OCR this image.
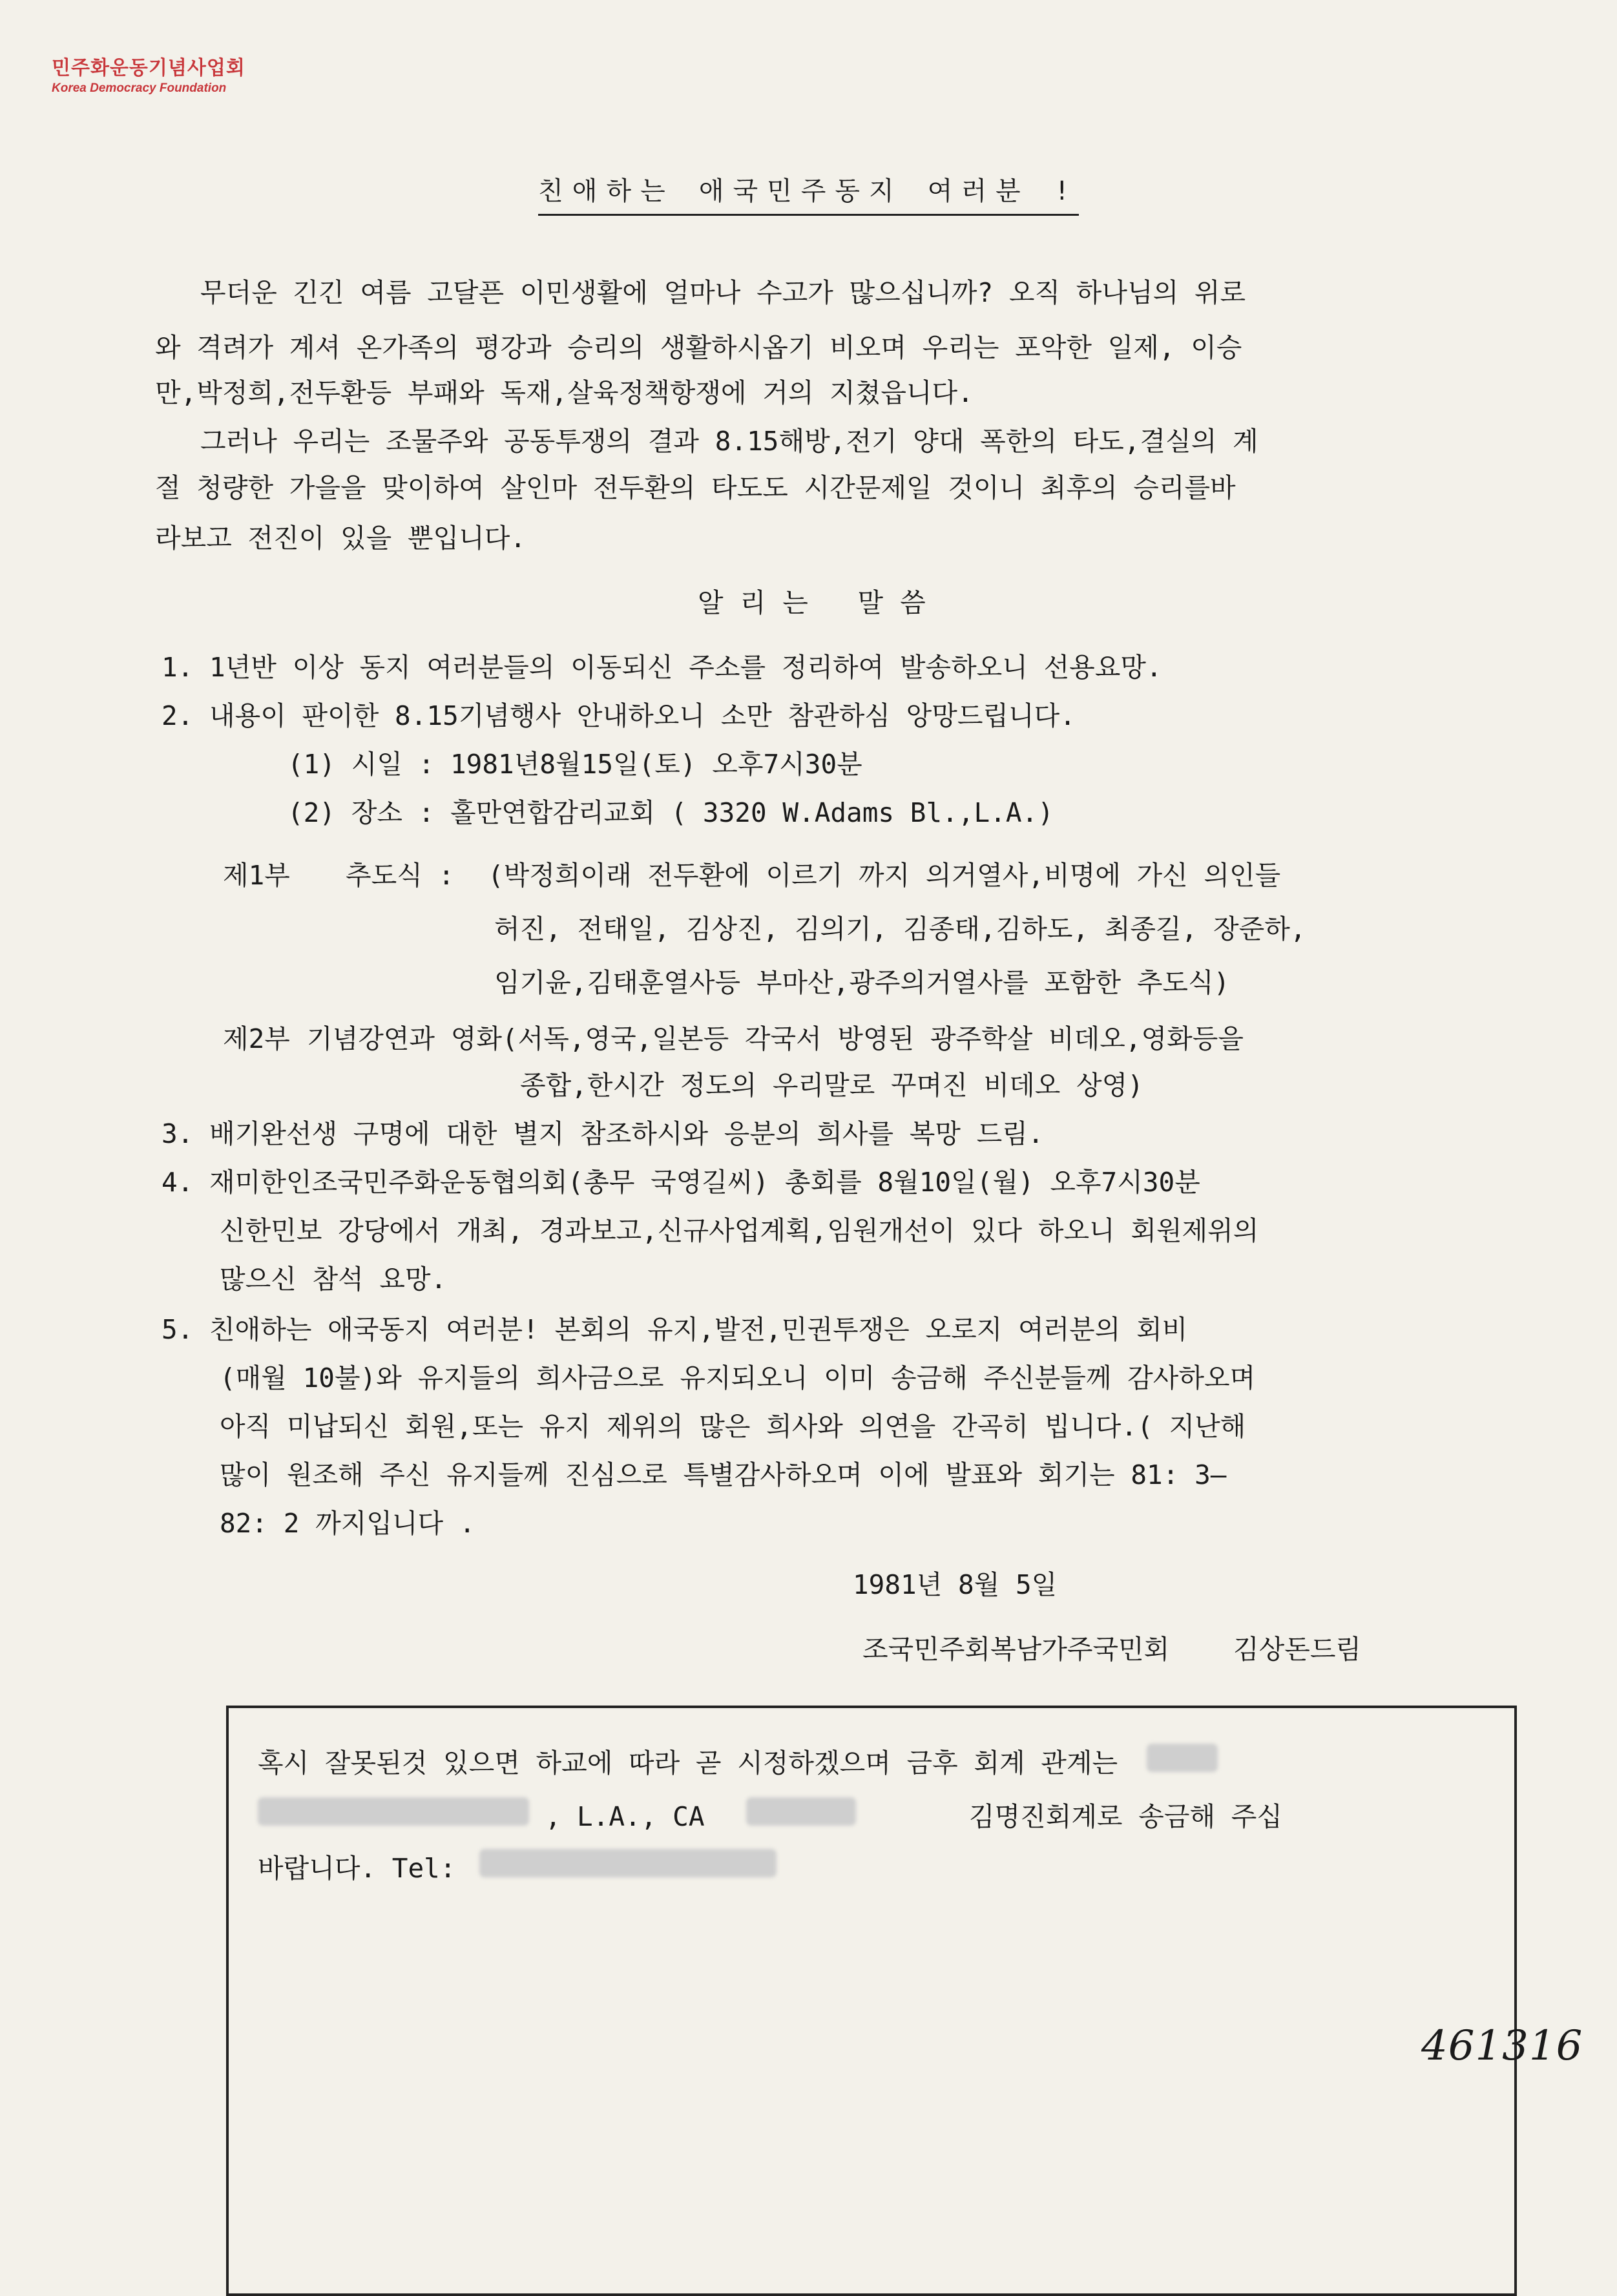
민주화운동기념사업회
Korea Democracy Foundation
친애하는 애국민주동지 여러분 !
무더운 긴긴 여름 고달픈 이민생활에 얼마나 수고가 많으십니까? 오직 하나님의 위로
와 격려가 계셔 온가족의 평강과 승리의 생활하시옵기 비오며 우리는 포악한 일제, 이승
만,박정희,전두환등 부패와 독재,살육정책항쟁에 거의 지쳤읍니다.
그러나 우리는 조물주와 공동투쟁의 결과 8.15해방,전기 양대 폭한의 타도,결실의 계
절 청량한 가을을 맞이하여 살인마 전두환의 타도도 시간문제일 것이니 최후의 승리를바
라보고 전진이 있을 뿐입니다.
알리는 말씀
1. 1년반 이상 동지 여러분들의 이동되신 주소를 정리하여 발송하오니 선용요망.
2. 내용이 판이한 8.15기념행사 안내하오니 소만 참관하심 앙망드립니다.
(1) 시일 : 1981년8월15일(토) 오후7시30분
(2) 장소 : 홀만연합감리교회 ( 3320 W.Adams Bl.,L.A.)
제1부 추도식 : (박정희이래 전두환에 이르기 까지 의거열사,비명에 가신 의인들
허진, 전태일, 김상진, 김의기, 김종태,김하도, 최종길, 장준하,
임기윤,김태훈열사등 부마산,광주의거열사를 포함한 추도식)
제2부 기념강연과 영화(서독,영국,일본등 각국서 방영된 광주학살 비데오,영화등을
종합,한시간 정도의 우리말로 꾸며진 비데오 상영)
3. 배기완선생 구명에 대한 별지 참조하시와 응분의 희사를 복망 드림.
4. 재미한인조국민주화운동협의회(총무 국영길씨) 총회를 8월10일(월) 오후7시30분
신한민보 강당에서 개최, 경과보고,신규사업계획,임원개선이 있다 하오니 회원제위의
많으신 참석 요망.
5. 친애하는 애국동지 여러분! 본회의 유지,발전,민권투쟁은 오로지 여러분의 회비
(매월 10불)와 유지들의 희사금으로 유지되오니 이미 송금해 주신분들께 감사하오며
아직 미납되신 회원,또는 유지 제위의 많은 희사와 의연을 간곡히 빕니다.( 지난해
많이 원조해 주신 유지들께 진심으로 특별감사하오며 이에 발표와 회기는 81: 3—
82: 2 까지입니다 .
1981년 8월 5일
조국민주회복남가주국민회    김상돈드림
혹시 잘못된것 있으면 하교에 따라 곧 시정하겠으며 금후 회계 관계는
, L.A., CA	김명진회계로 송금해 주십
바랍니다. Tel:
461316
